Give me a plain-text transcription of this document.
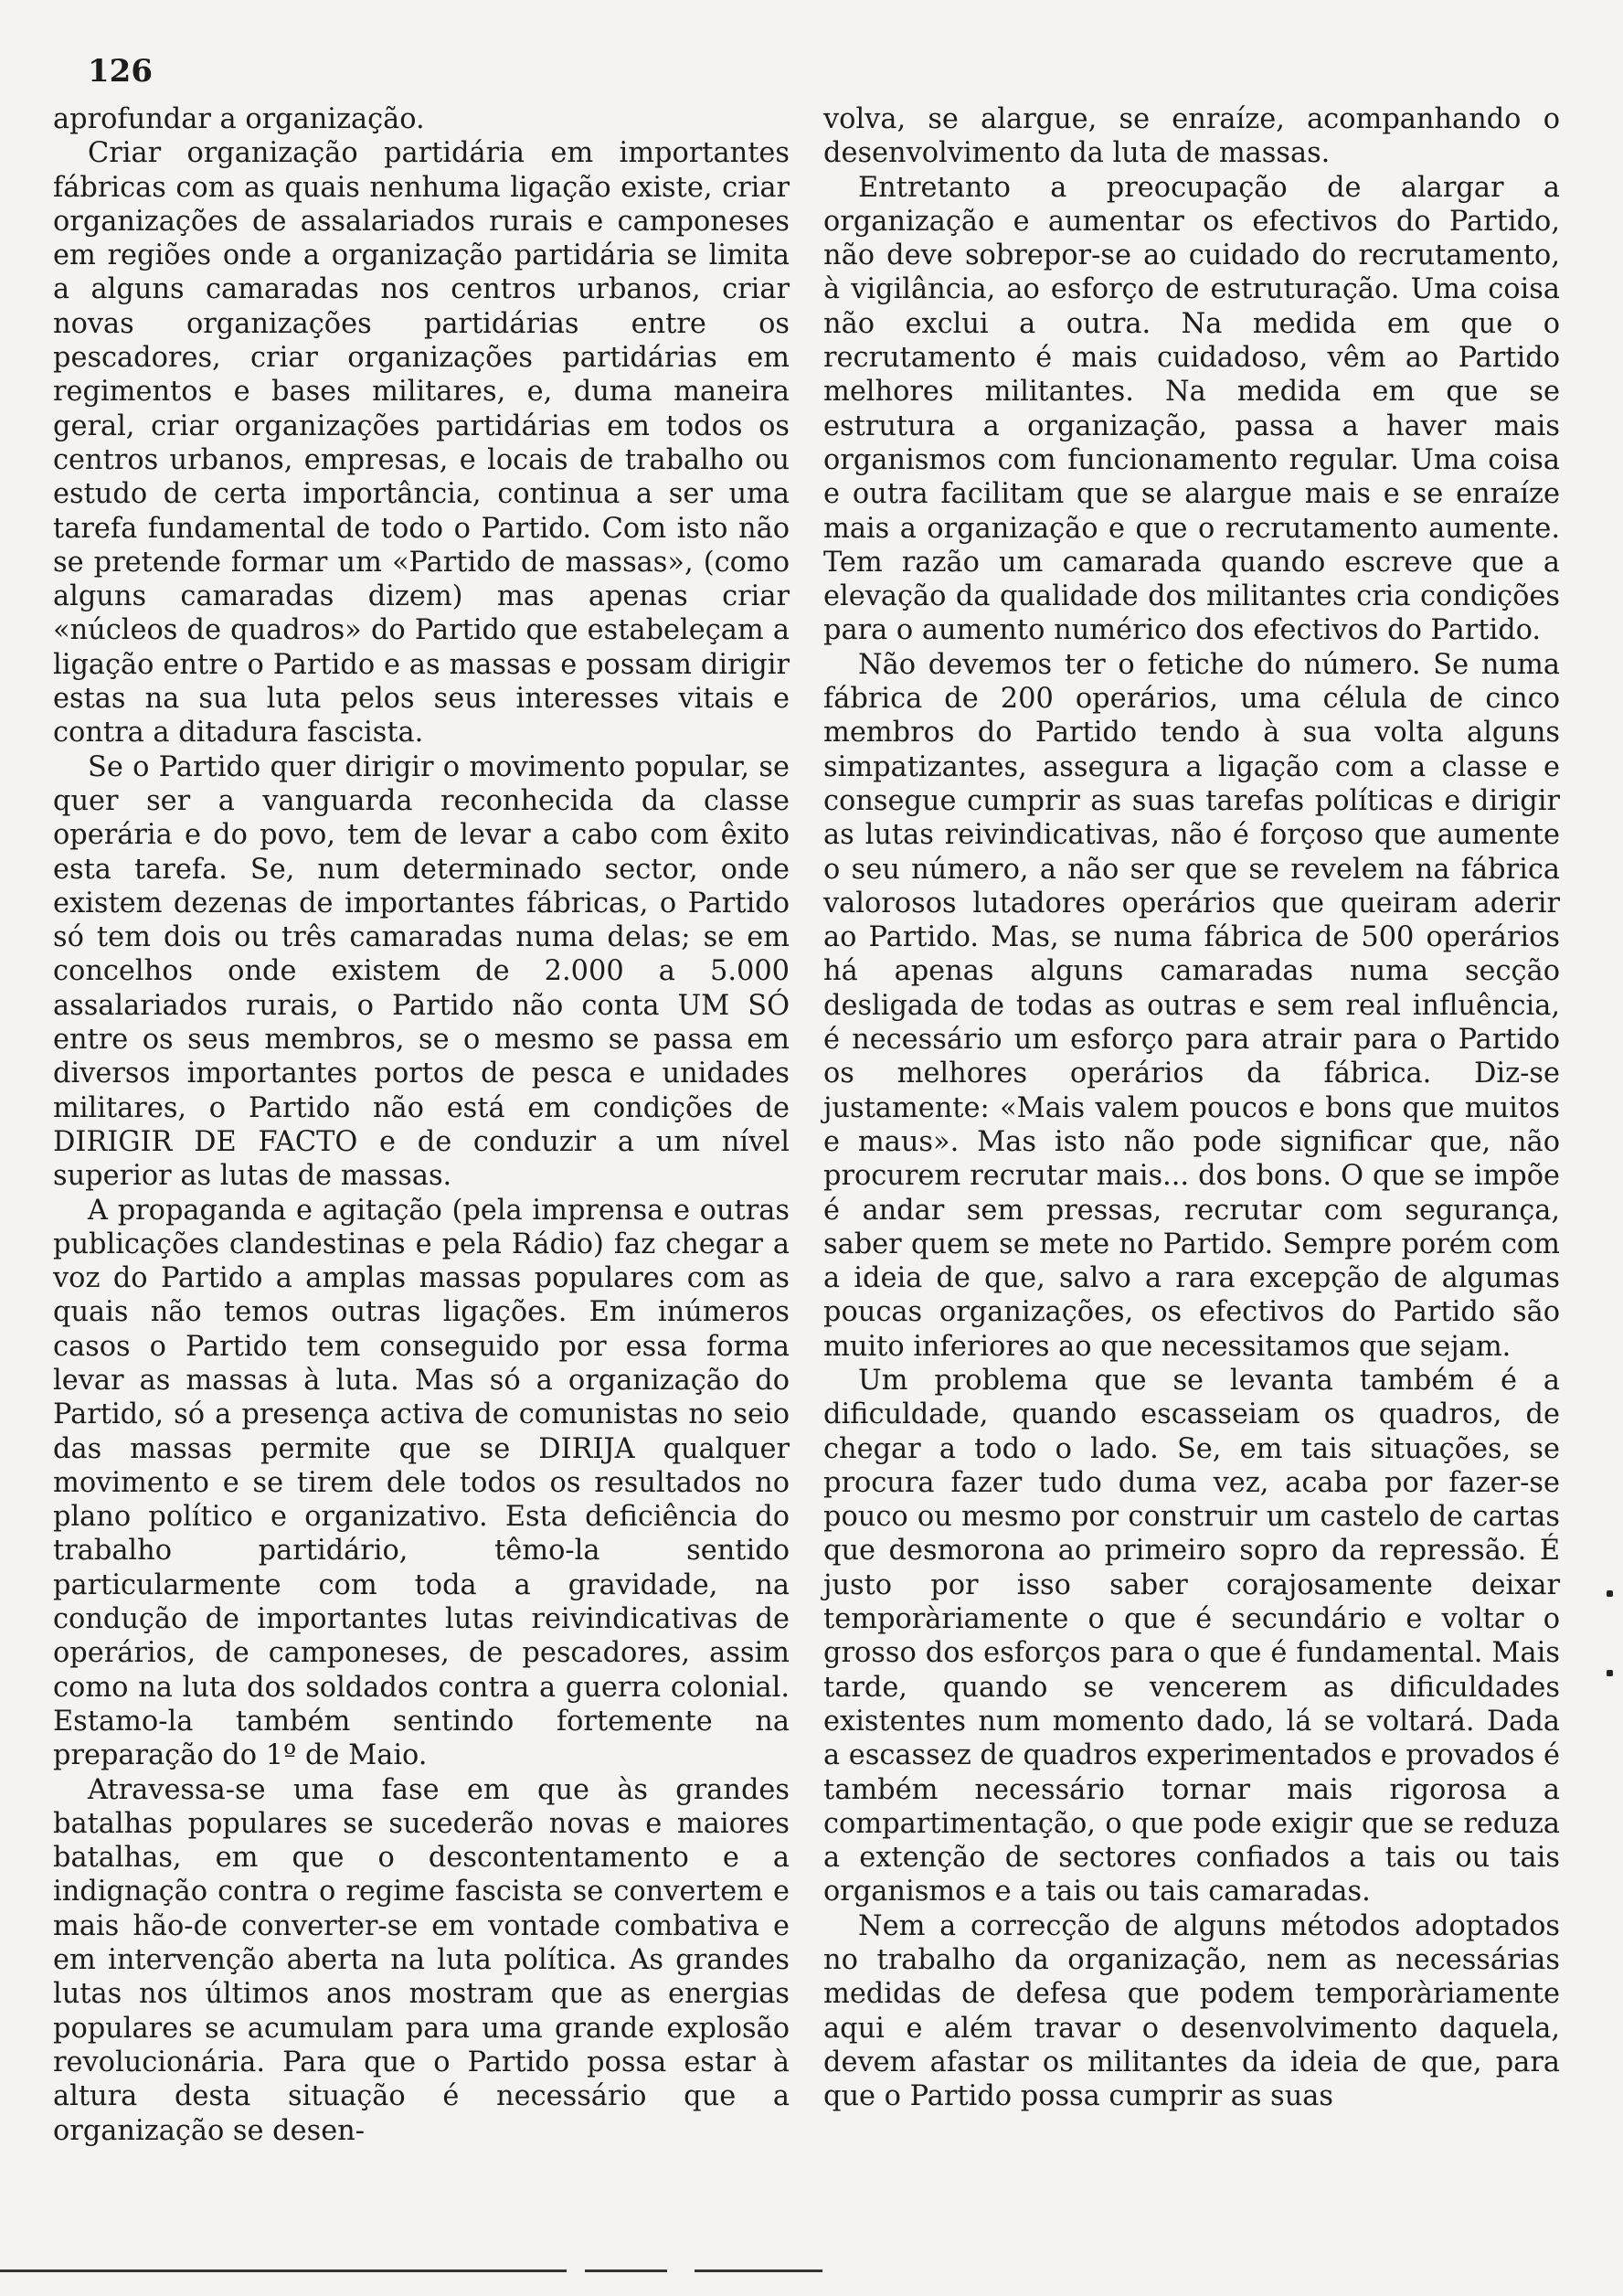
126

aprofundar a organização.

Criar organização partidária em importantes fábricas com as quais nenhuma ligação existe, criar organizações de assalariados rurais e camponeses em regiões onde a organização partidária se limita a alguns camaradas nos centros urbanos, criar novas organizações partidárias entre os pescadores, criar organizações partidárias em regimentos e bases militares, e, duma maneira geral, criar organizações partidárias em todos os centros urbanos, empresas, e locais de trabalho ou estudo de certa importância, continua a ser uma tarefa fundamental de todo o Partido. Com isto não se pretende formar um «Partido de massas», (como alguns camaradas dizem) mas apenas criar «núcleos de quadros» do Partido que estabeleçam a ligação entre o Partido e as massas e possam dirigir estas na sua luta pelos seus interesses vitais e contra a ditadura fascista.

Se o Partido quer dirigir o movimento popular, se quer ser a vanguarda reconhecida da classe operária e do povo, tem de levar a cabo com êxito esta tarefa. Se, num determinado sector, onde existem dezenas de importantes fábricas, o Partido só tem dois ou três camaradas numa delas; se em concelhos onde existem de 2.000 a 5.000 assalariados rurais, o Partido não conta UM SÓ entre os seus membros, se o mesmo se passa em diversos importantes portos de pesca e unidades militares, o Partido não está em condições de DIRIGIR DE FACTO e de conduzir a um nível superior as lutas de massas.

A propaganda e agitação (pela imprensa e outras publicações clandestinas e pela Rádio) faz chegar a voz do Partido a amplas massas populares com as quais não temos outras ligações. Em inúmeros casos o Partido tem conseguido por essa forma levar as massas à luta. Mas só a organização do Partido, só a presença activa de comunistas no seio das massas permite que se DIRIJA qualquer movimento e se tirem dele todos os resultados no plano político e organizativo. Esta deficiência do trabalho partidário, têmo-la sentido particularmente com toda a gravidade, na condução de importantes lutas reivindicativas de operários, de camponeses, de pescadores, assim como na luta dos soldados contra a guerra colonial. Estamo-la também sentindo fortemente na preparação do 1º de Maio.

Atravessa-se uma fase em que às grandes batalhas populares se sucederão novas e maiores batalhas, em que o descontentamento e a indignação contra o regime fascista se convertem e mais hão-de converter-se em vontade combativa e em intervenção aberta na luta política. As grandes lutas nos últimos anos mostram que as energias populares se acumulam para uma grande explosão revolucionária. Para que o Partido possa estar à altura desta situação é necessário que a organização se desen-

volva, se alargue, se enraíze, acompanhando o desenvolvimento da luta de massas.

Entretanto a preocupação de alargar a organização e aumentar os efectivos do Partido, não deve sobrepor-se ao cuidado do recrutamento, à vigilância, ao esforço de estruturação. Uma coisa não exclui a outra. Na medida em que o recrutamento é mais cuidadoso, vêm ao Partido melhores militantes. Na medida em que se estrutura a organização, passa a haver mais organismos com funcionamento regular. Uma coisa e outra facilitam que se alargue mais e se enraíze mais a organização e que o recrutamento aumente. Tem razão um camarada quando escreve que a elevação da qualidade dos militantes cria condições para o aumento numérico dos efectivos do Partido.

Não devemos ter o fetiche do número. Se numa fábrica de 200 operários, uma célula de cinco membros do Partido tendo à sua volta alguns simpatizantes, assegura a ligação com a classe e consegue cumprir as suas tarefas políticas e dirigir as lutas reivindicativas, não é forçoso que aumente o seu número, a não ser que se revelem na fábrica valorosos lutadores operários que queiram aderir ao Partido. Mas, se numa fábrica de 500 operários há apenas alguns camaradas numa secção desligada de todas as outras e sem real influência, é necessário um esforço para atrair para o Partido os melhores operários da fábrica. Diz-se justamente: «Mais valem poucos e bons que muitos e maus». Mas isto não pode significar que, não procurem recrutar mais... dos bons. O que se impõe é andar sem pressas, recrutar com segurança, saber quem se mete no Partido. Sempre porém com a ideia de que, salvo a rara excepção de algumas poucas organizações, os efectivos do Partido são muito inferiores ao que necessitamos que sejam.

Um problema que se levanta também é a dificuldade, quando escasseiam os quadros, de chegar a todo o lado. Se, em tais situações, se procura fazer tudo duma vez, acaba por fazer-se pouco ou mesmo por construir um castelo de cartas que desmorona ao primeiro sopro da repressão. É justo por isso saber corajosamente deixar temporàriamente o que é secundário e voltar o grosso dos esforços para o que é fundamental. Mais tarde, quando se vencerem as dificuldades existentes num momento dado, lá se voltará. Dada a escassez de quadros experimentados e provados é também necessário tornar mais rigorosa a compartimentação, o que pode exigir que se reduza a extenção de sectores confiados a tais ou tais organismos e a tais ou tais camaradas.

Nem a correcção de alguns métodos adoptados no trabalho da organização, nem as necessárias medidas de defesa que podem temporàriamente aqui e além travar o desenvolvimento daquela, devem afastar os militantes da ideia de que, para que o Partido possa cumprir as suas
